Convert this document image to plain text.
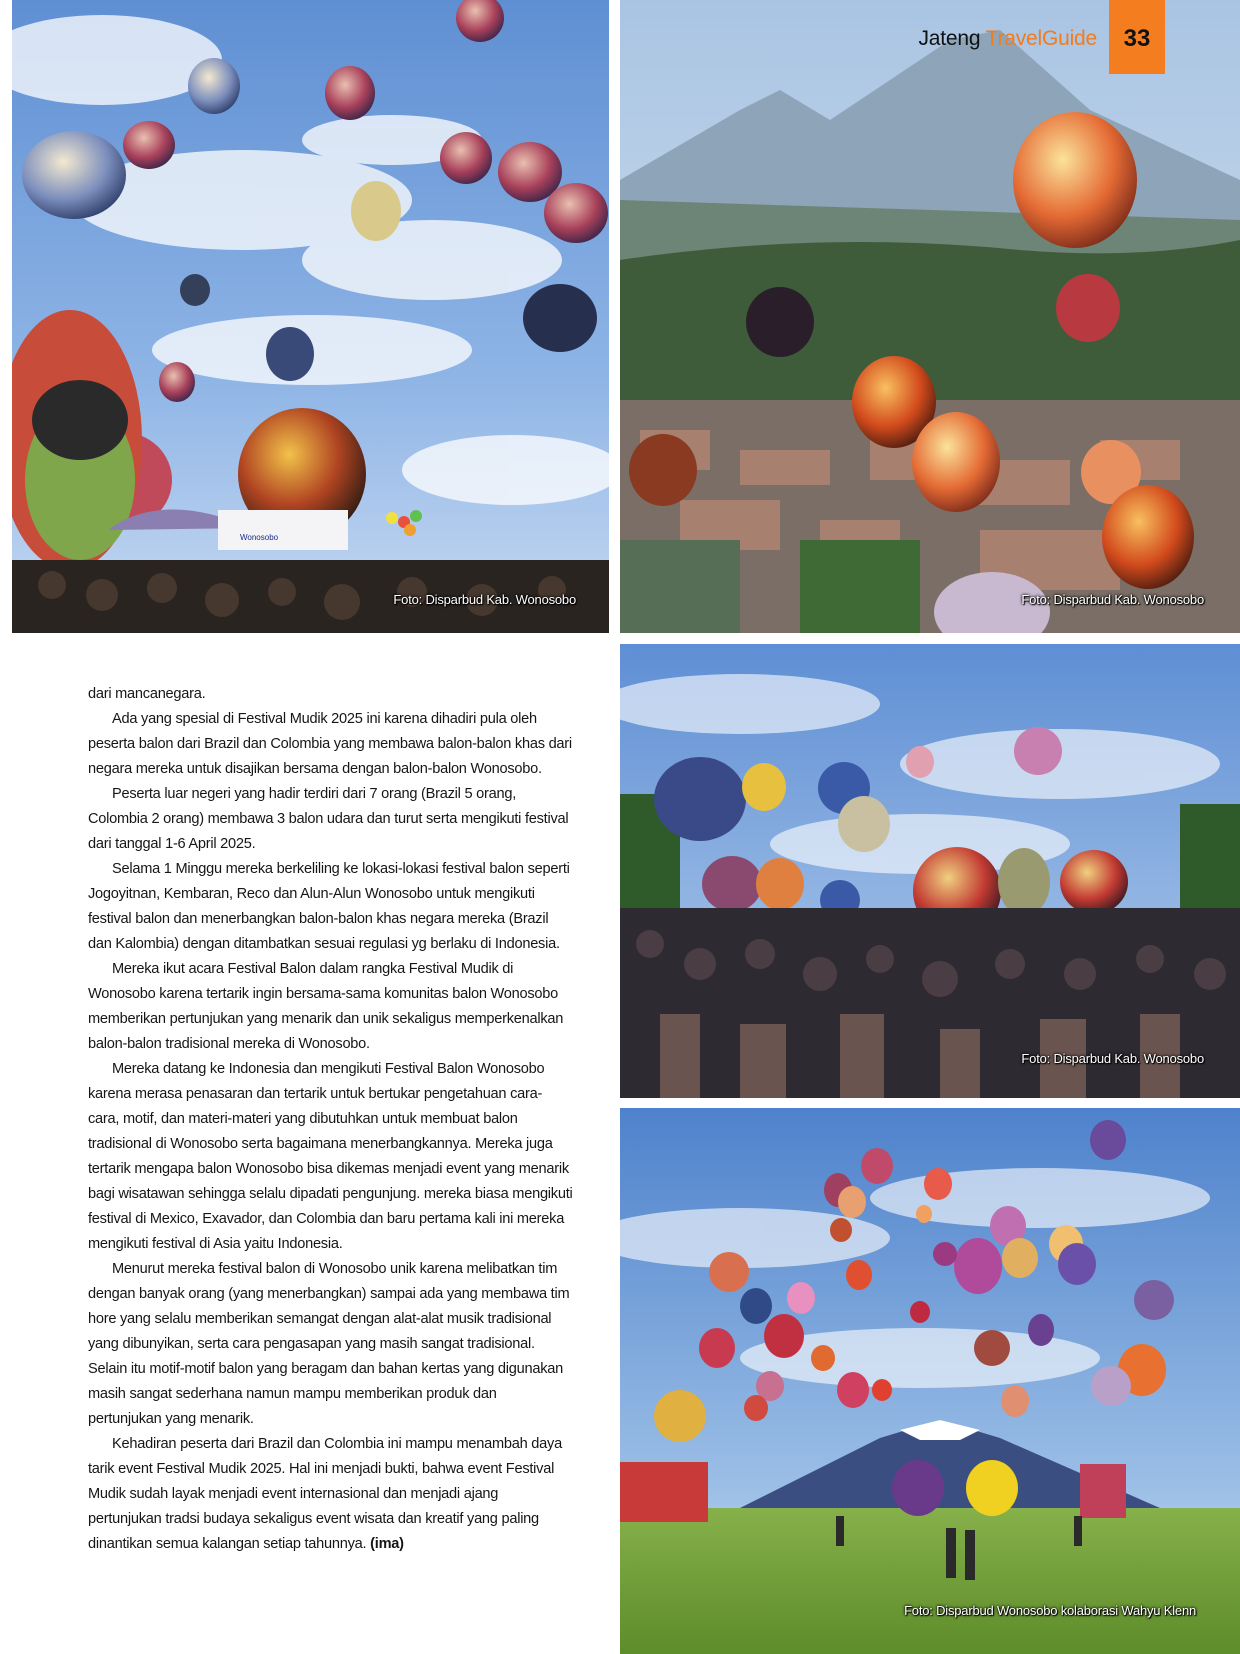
Wonosobo
Foto: Disparbud Kab. Wonosobo	Foto: Disparbud Kab. Wonosobo
Foto: Disparbud Kab. Wonosobo
Foto: Disparbud Wonosobo kolaborasi Wahyu Klenn
Jateng TravelGuide	33

dari mancanegara.

Ada yang spesial di Festival Mudik 2025 ini karena dihadiri pula oleh peserta balon dari Brazil dan Colombia yang membawa balon-balon khas dari negara mereka untuk disajikan bersama dengan balon-balon Wonosobo.

Peserta luar negeri yang hadir terdiri dari 7 orang (Brazil 5 orang, Colombia 2 orang) membawa 3 balon udara dan turut serta mengikuti festival dari tanggal 1-6 April 2025.

Selama 1 Minggu mereka berkeliling ke lokasi-lokasi festival balon seperti Jogoyitnan, Kembaran, Reco dan Alun-Alun Wonosobo untuk mengikuti festival balon dan menerbangkan balon-balon khas negara mereka (Brazil dan Kalombia) dengan ditambatkan sesuai regulasi yg berlaku di Indonesia.

Mereka ikut acara Festival Balon dalam rangka Festival Mudik di Wonosobo karena tertarik ingin bersama-sama komunitas balon Wonosobo memberikan pertunjukan yang menarik dan unik sekaligus memperkenalkan balon-balon tradisional mereka di Wonosobo.

Mereka datang ke Indonesia dan mengikuti Festival Balon Wonosobo karena merasa penasaran dan tertarik untuk bertukar pengetahuan cara-cara, motif, dan materi-materi yang dibutuhkan untuk membuat balon tradisional di Wonosobo serta bagaimana menerbangkannya. Mereka juga tertarik mengapa balon Wonosobo bisa dikemas menjadi event yang menarik bagi wisatawan sehingga selalu dipadati pengunjung. mereka biasa mengikuti festival di Mexico, Exavador, dan Colombia dan baru pertama kali ini mereka mengikuti festival di Asia yaitu Indonesia.

Menurut mereka festival balon di Wonosobo unik karena melibatkan tim dengan banyak orang (yang menerbangkan) sampai ada yang membawa tim hore yang selalu memberikan semangat dengan alat-alat musik tradisional yang dibunyikan, serta cara pengasapan yang masih sangat tradisional. Selain itu motif-motif balon yang beragam dan bahan kertas yang digunakan masih sangat sederhana namun mampu memberikan produk dan pertunjukan yang menarik.

Kehadiran peserta dari Brazil dan Colombia ini mampu menambah daya tarik event Festival Mudik 2025. Hal ini menjadi bukti, bahwa event Festival Mudik sudah layak menjadi event internasional dan menjadi ajang pertunjukan tradsi budaya sekaligus event wisata dan kreatif yang paling dinantikan semua kalangan setiap tahunnya. (ima)
